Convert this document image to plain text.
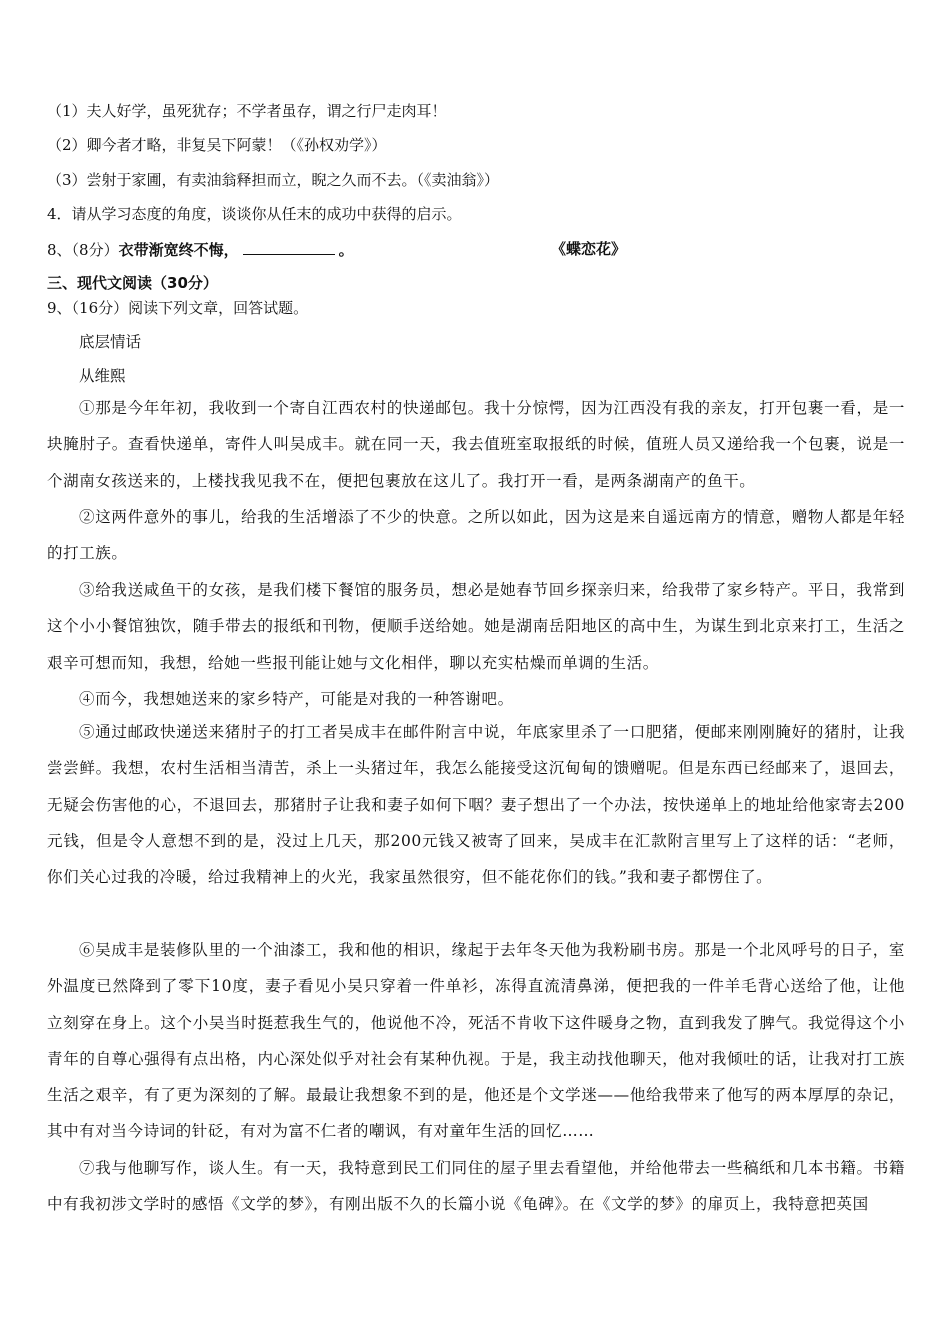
（1）夫人好学，虽死犹存；不学者虽存，谓之行尸走肉耳！
（2）卿今者才略，非复吴下阿蒙！（《孙权劝学》）
（3）尝射于家圃，有卖油翁释担而立，睨之久而不去。（《卖油翁》）
4．请从学习态度的角度，谈谈你从任末的成功中获得的启示。
8、（8分）衣带渐宽终不悔，	。	《蝶恋花》
三、现代文阅读（30分）
9、（16分）阅读下列文章，回答试题。
底层情话
从维熙
①那是今年年初，我收到一个寄自江西农村的快递邮包。我十分惊愕，因为江西没有我的亲友，打开包裹一看，是一块腌肘子。查看快递单，寄件人叫吴成丰。就在同一天，我去值班室取报纸的时候，值班人员又递给我一个包裹，说是一个湖南女孩送来的，上楼找我见我不在，便把包裹放在这儿了。我打开一看，是两条湖南产的鱼干。
②这两件意外的事儿，给我的生活增添了不少的快意。之所以如此，因为这是来自遥远南方的情意，赠物人都是年轻的打工族。
③给我送咸鱼干的女孩，是我们楼下餐馆的服务员，想必是她春节回乡探亲归来，给我带了家乡特产。平日，我常到这个小小餐馆独饮，随手带去的报纸和刊物，便顺手送给她。她是湖南岳阳地区的高中生，为谋生到北京来打工，生活之艰辛可想而知，我想，给她一些报刊能让她与文化相伴，聊以充实枯燥而单调的生活。
④而今，我想她送来的家乡特产，可能是对我的一种答谢吧。
⑤通过邮政快递送来猪肘子的打工者吴成丰在邮件附言中说，年底家里杀了一口肥猪，便邮来刚刚腌好的猪肘，让我尝尝鲜。我想，农村生活相当清苦，杀上一头猪过年，我怎么能接受这沉甸甸的馈赠呢。但是东西已经邮来了，退回去，无疑会伤害他的心，不退回去，那猪肘子让我和妻子如何下咽？妻子想出了一个办法，按快递单上的地址给他家寄去200元钱，但是令人意想不到的是，没过上几天，那200元钱又被寄了回来，吴成丰在汇款附言里写上了这样的话：“老师，你们关心过我的冷暖，给过我精神上的火光，我家虽然很穷，但不能花你们的钱。”我和妻子都愣住了。
⑥吴成丰是装修队里的一个油漆工，我和他的相识，缘起于去年冬天他为我粉刷书房。那是一个北风呼号的日子，室外温度已然降到了零下10度，妻子看见小吴只穿着一件单衫，冻得直流清鼻涕，便把我的一件羊毛背心送给了他，让他立刻穿在身上。这个小吴当时挺惹我生气的，他说他不冷，死活不肯收下这件暖身之物，直到我发了脾气。我觉得这个小青年的自尊心强得有点出格，内心深处似乎对社会有某种仇视。于是，我主动找他聊天，他对我倾吐的话，让我对打工族生活之艰辛，有了更为深刻的了解。最最让我想象不到的是，他还是个文学迷——他给我带来了他写的两本厚厚的杂记，其中有对当今诗词的针砭，有对为富不仁者的嘲讽，有对童年生活的回忆……
⑦我与他聊写作，谈人生。有一天，我特意到民工们同住的屋子里去看望他，并给他带去一些稿纸和几本书籍。书籍中有我初涉文学时的感悟《文学的梦》，有刚出版不久的长篇小说《龟碑》。在《文学的梦》的扉页上，我特意把英国
